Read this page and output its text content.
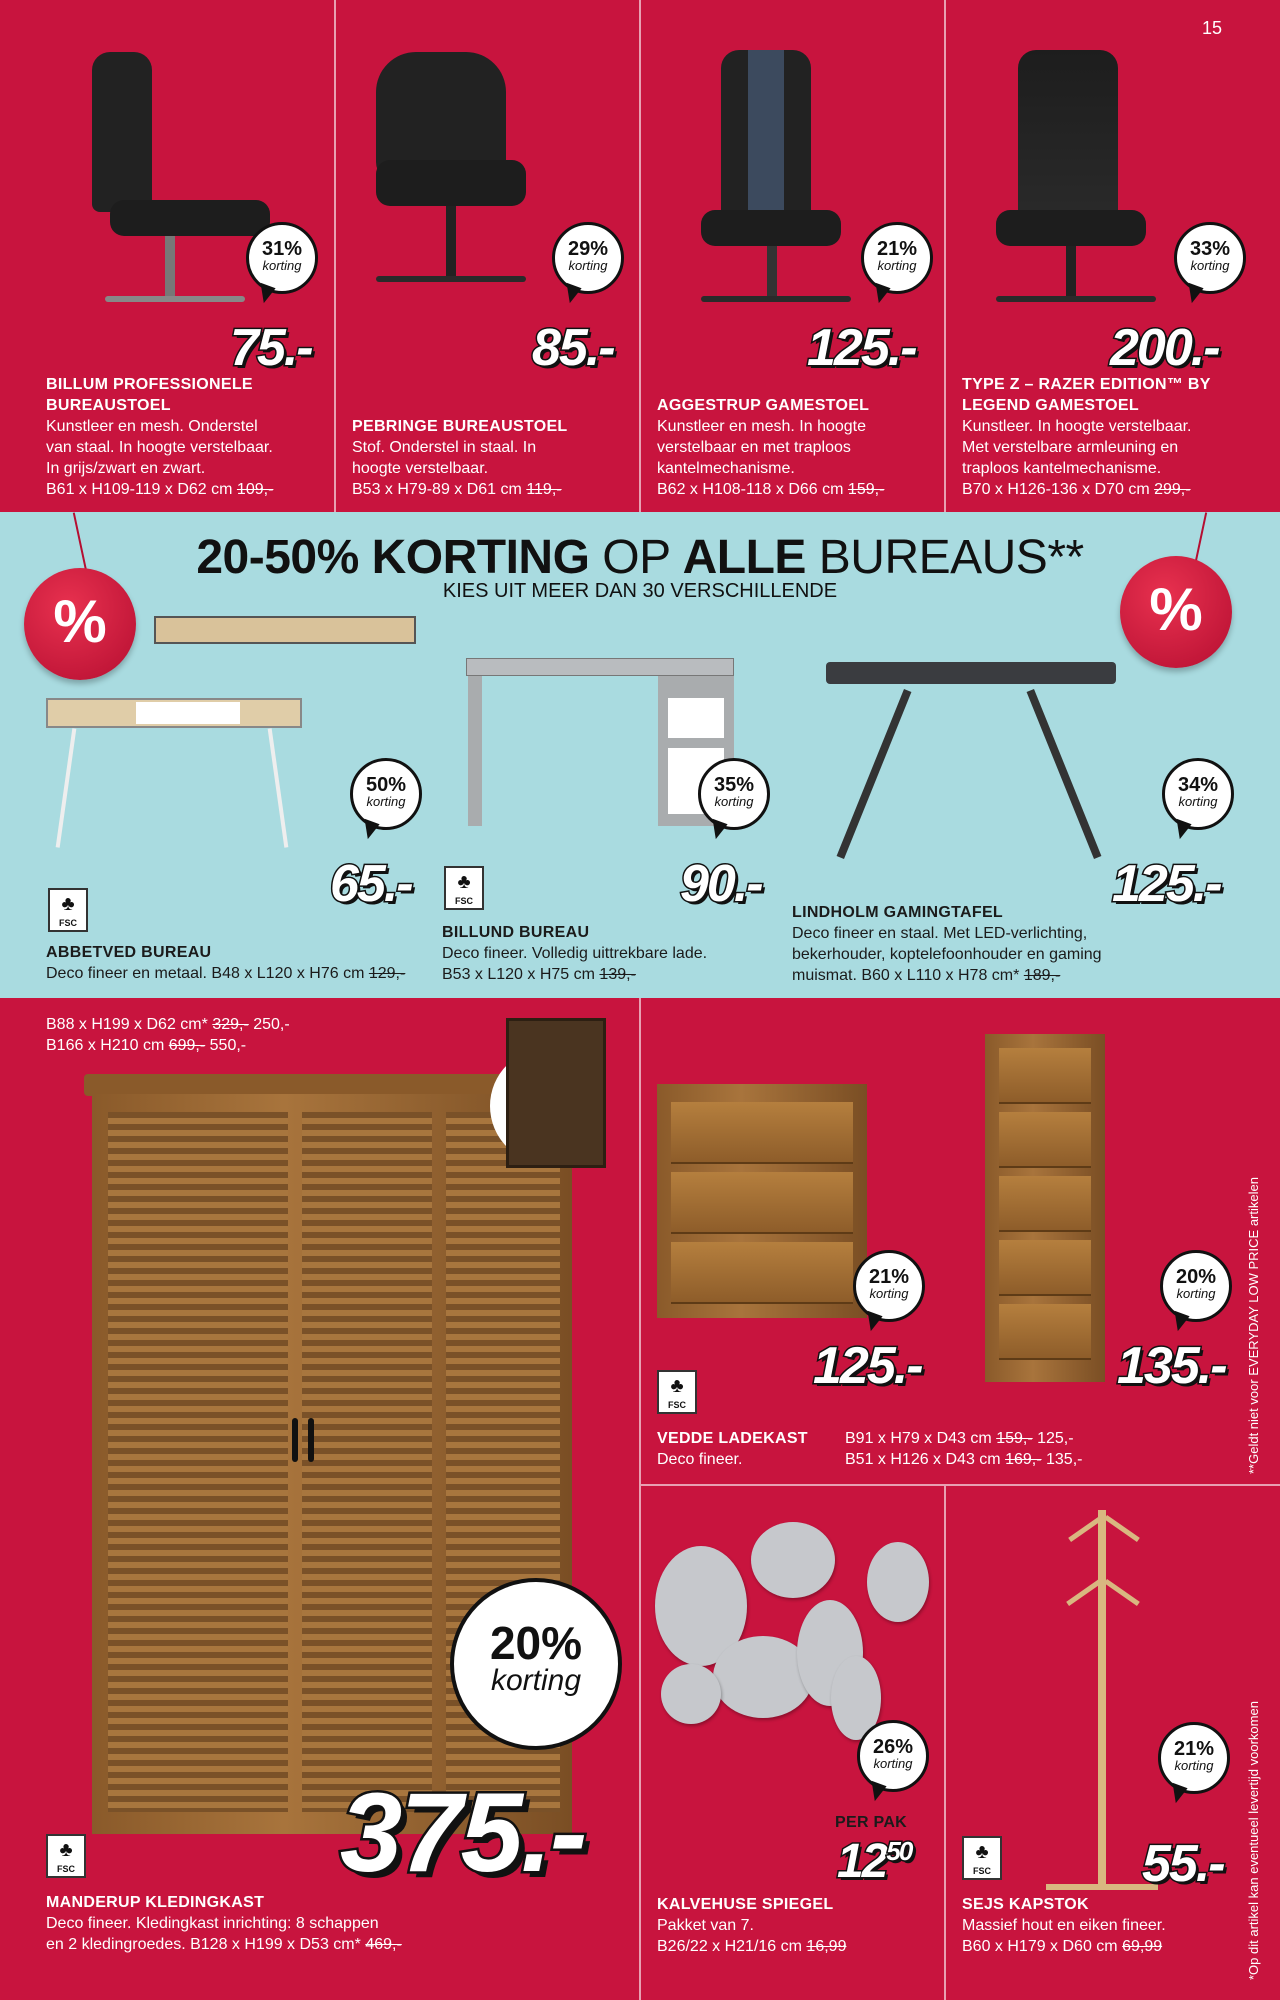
15
31%
korting
75.-
BILLUM PROFESSIONELE
BUREAUSTOEL
Kunstleer en mesh. Onderstel
van staal. In hoogte verstelbaar.
In grijs/zwart en zwart.
B61 x H109-119 x D62 cm 109,-
29%
korting
85.-
PEBRINGE BUREAUSTOEL
Stof. Onderstel in staal. In
hoogte verstelbaar.
B53 x H79-89 x D61 cm 119,-
21%
korting
125.-
AGGESTRUP GAMESTOEL
Kunstleer en mesh. In hoogte
verstelbaar en met traploos
kantelmechanisme.
B62 x H108-118 x D66 cm 159,-
33%
korting
200.-
TYPE Z – RAZER EDITION™ BY
LEGEND GAMESTOEL
Kunstleer. In hoogte verstelbaar.
Met verstelbare armleuning en
traploos kantelmechanisme.
B70 x H126-136 x D70 cm 299,-
20-50% KORTING OP ALLE BUREAUS**
KIES UIT MEER DAN 30 VERSCHILLENDE
%	%
50%
korting
65.-
♣
FSC
ABBETVED BUREAU
Deco fineer en metaal. B48 x L120 x H76 cm 129,-
35%
korting
90.-
♣
FSC
BILLUND BUREAU
Deco fineer. Volledig uittrekbare lade.
B53 x L120 x H75 cm 139,-
34%
korting
125.-
LINDHOLM GAMINGTAFEL
Deco fineer en staal. Met LED-verlichting,
bekerhouder, koptelefoonhouder en gaming
muismat. B60 x L110 x H78 cm* 189,-
B88 x H199 x D62 cm* 329,- 250,-
B166 x H210 cm 699,- 550,-
20%
korting
375.-
♣
FSC
MANDERUP KLEDINGKAST
Deco fineer. Kledingkast inrichting: 8 schappen
en 2 kledingroedes. B128 x H199 x D53 cm* 469,-
21%
korting
20%
korting
125.-	135.-
♣
FSC
VEDDE LADEKAST
Deco fineer.
B91 x H79 x D43 cm 159,- 125,-
B51 x H126 x D43 cm 169,- 135,-
26%
korting
PER PAK
$12^{50}$
KALVEHUSE SPIEGEL
Pakket van 7.
B26/22 x H21/16 cm 16,99
21%
korting
55.-
♣
FSC
SEJS KAPSTOK
Massief hout en eiken fineer.
B60 x H179 x D60 cm 69,99
**Geldt niet voor EVERYDAY LOW PRICE artikelen
*Op dit artikel kan eventueel levertijd voorkomen
